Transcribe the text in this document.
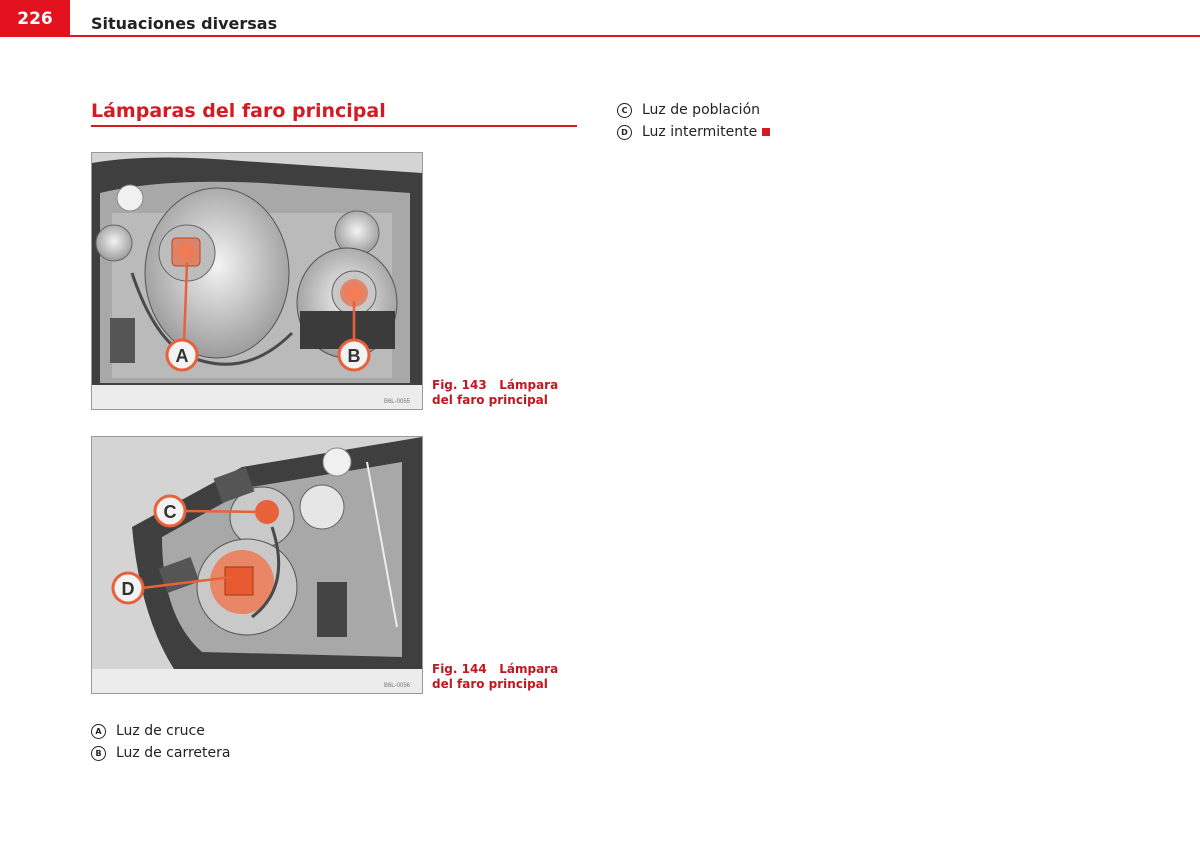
226	Situaciones diversas
Lámparas del faro principal
A	B
B6L-0055
Fig. 143 Lámpara del faro principal
C
D
B6L-0056
Fig. 144 Lámpara del faro principal
A	Luz de cruce
B	Luz de carretera
C	Luz de población
D Luz intermitente
